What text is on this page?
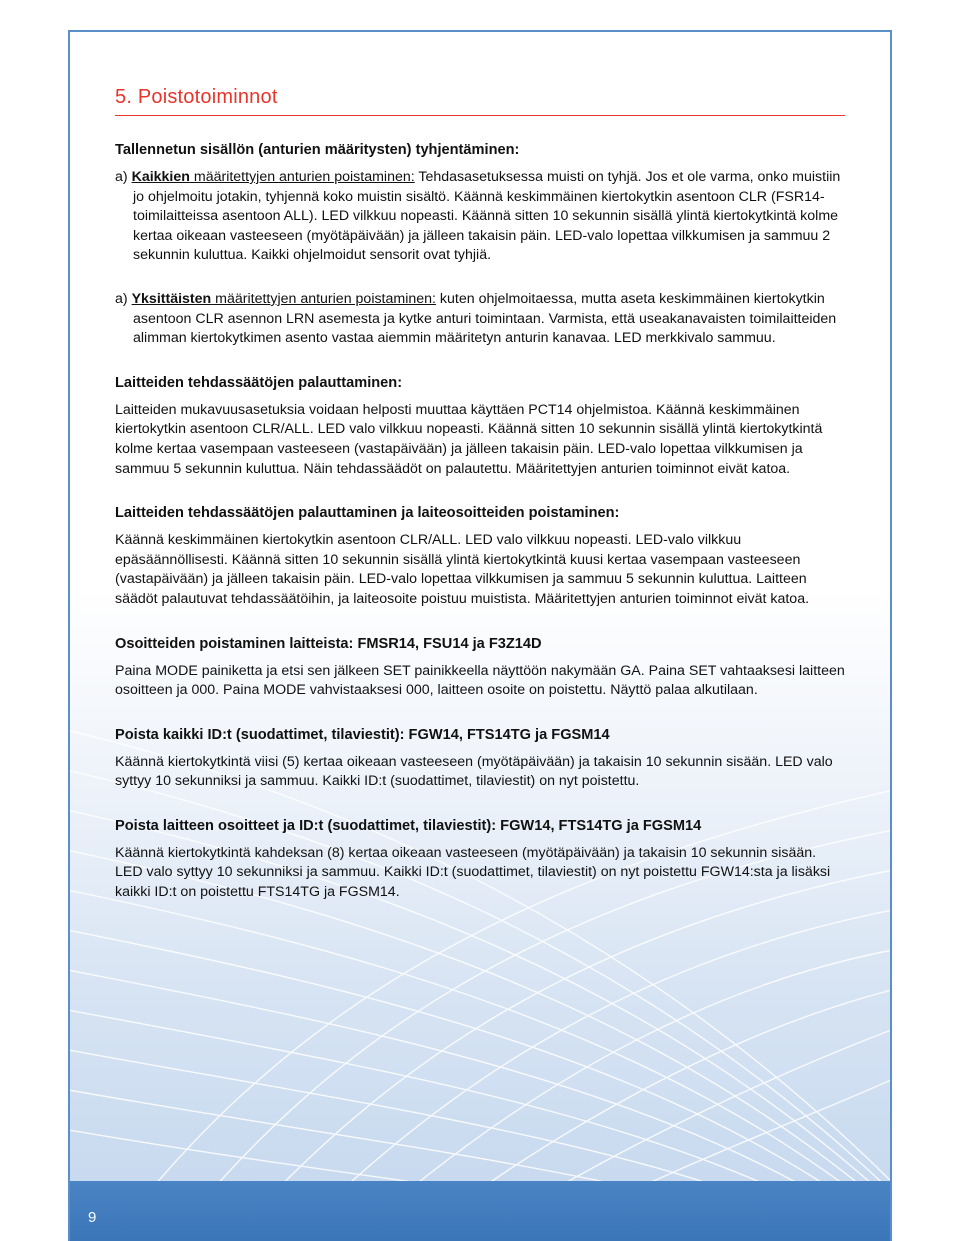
5. Poistotoiminnot
Tallennetun sisällön (anturien määritysten) tyhjentäminen:

a) Kaikkien määritettyjen anturien poistaminen: Tehdasasetuksessa muisti on tyhjä. Jos et ole varma, onko muistiin jo ohjelmoitu jotakin, tyhjennä koko muistin sisältö. Käännä keskimmäinen kiertokytkin asentoon CLR (FSR14-toimilaitteissa asentoon ALL). LED vilkkuu nopeasti. Käännä sitten 10 sekunnin sisällä ylintä kiertokytkintä kolme kertaa oikeaan vasteeseen (myötäpäivään) ja jälleen takaisin päin. LED-valo lopettaa vilkkumisen ja sammuu 2 sekunnin kuluttua. Kaikki ohjelmoidut sensorit ovat tyhjiä.

a) Yksittäisten määritettyjen anturien poistaminen: kuten ohjelmoitaessa, mutta aseta keskimmäinen kiertokytkin asentoon CLR asennon LRN asemesta ja kytke anturi toimintaan. Varmista, että useakanavaisten toimilaitteiden alimman kiertokytkimen asento vastaa aiemmin määritetyn anturin kanavaa. LED merkkivalo sammuu.

Laitteiden tehdassäätöjen palauttaminen:

Laitteiden mukavuusasetuksia voidaan helposti muuttaa käyttäen PCT14 ohjelmistoa. Käännä keskimmäinen kiertokytkin asentoon CLR/ALL. LED valo vilkkuu nopeasti. Käännä sitten 10 sekunnin sisällä ylintä kiertokytkintä kolme kertaa vasempaan vasteeseen (vastapäivään) ja jälleen takaisin päin. LED-valo lopettaa vilkkumisen ja sammuu 5 sekunnin kuluttua. Näin tehdassäädöt on palautettu. Määritettyjen anturien toiminnot eivät katoa.

Laitteiden tehdassäätöjen palauttaminen ja laiteosoitteiden poistaminen:

Käännä keskimmäinen kiertokytkin asentoon CLR/ALL. LED valo vilkkuu nopeasti. LED-valo vilkkuu epäsäännöllisesti. Käännä sitten 10 sekunnin sisällä ylintä kiertokytkintä kuusi kertaa vasempaan vasteeseen (vastapäivään) ja jälleen takaisin päin. LED-valo lopettaa vilkkumisen ja sammuu 5 sekunnin kuluttua. Laitteen säädöt palautuvat tehdassäätöihin, ja laiteosoite poistuu muistista. Määritettyjen anturien toiminnot eivät katoa.

Osoitteiden poistaminen laitteista: FMSR14, FSU14 ja F3Z14D

Paina MODE painiketta ja etsi sen jälkeen SET painikkeella näyttöön nakymään GA. Paina SET vahtaaksesi laitteen osoitteen ja 000. Paina MODE vahvistaaksesi 000, laitteen osoite on poistettu. Näyttö palaa alkutilaan.

Poista kaikki ID:t (suodattimet, tilaviestit): FGW14, FTS14TG ja FGSM14

Käännä kiertokytkintä viisi (5) kertaa oikeaan vasteeseen (myötäpäivään) ja takaisin 10 sekunnin sisään. LED valo syttyy 10 sekunniksi ja sammuu. Kaikki ID:t (suodattimet, tilaviestit) on nyt poistettu.

Poista laitteen osoitteet ja ID:t (suodattimet, tilaviestit): FGW14, FTS14TG ja FGSM14

Käännä kiertokytkintä kahdeksan (8) kertaa oikeaan vasteeseen (myötäpäivään) ja takaisin 10 sekunnin sisään. LED valo syttyy 10 sekunniksi ja sammuu. Kaikki ID:t (suodattimet, tilaviestit) on nyt poistettu FGW14:sta ja lisäksi kaikki ID:t on poistettu FTS14TG ja FGSM14.

9
